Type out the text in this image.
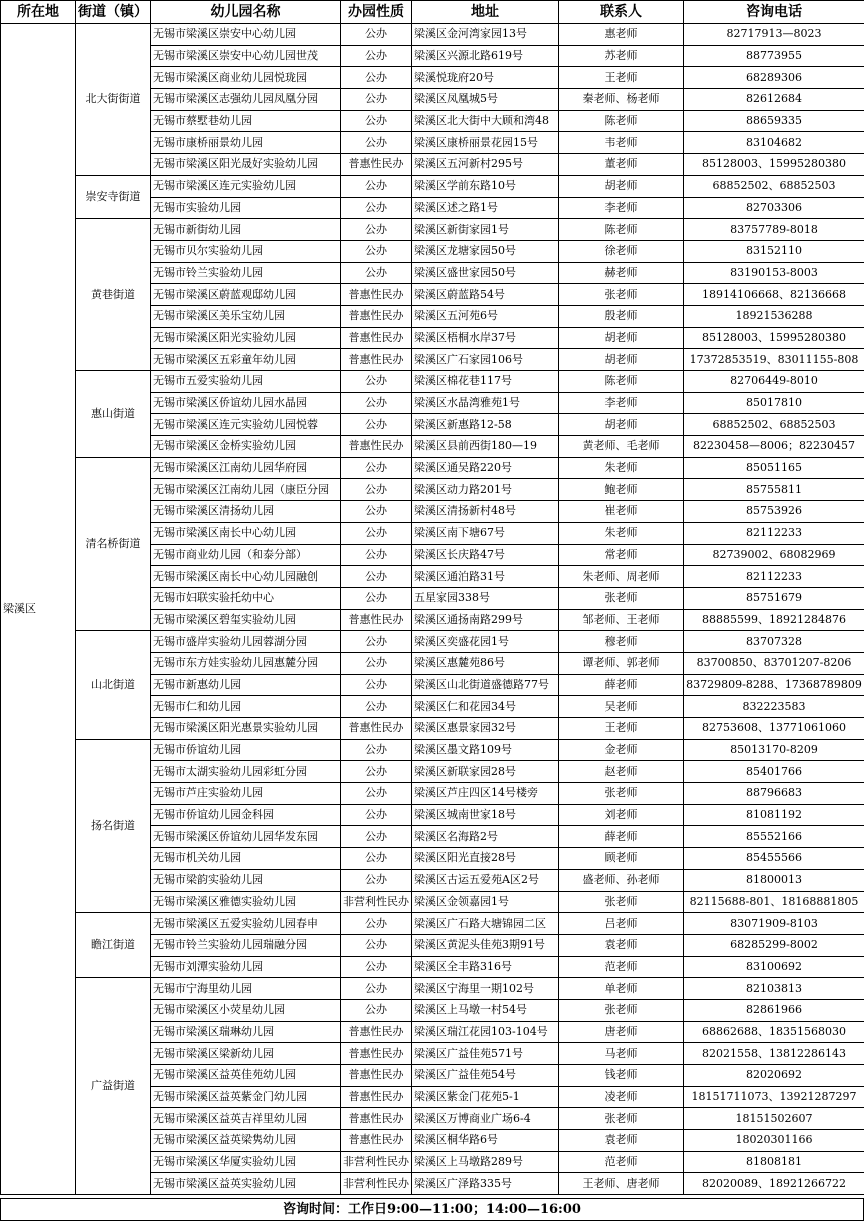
所在地	街道（镇）	幼儿园名称	办园性质	地址	联系人	咨询电话
梁溪区	北大街街道	无锡市梁溪区崇安中心幼儿园	公办	梁溪区金河湾家园13号	惠老师	82717913—8023
		无锡市梁溪区崇安中心幼儿园世茂	公办	梁溪区兴源北路619号	苏老师	88773955
		无锡市梁溪区商业幼儿园悦珑园	公办	梁溪悦珑府20号	王老师	68289306
		无锡市梁溪区志强幼儿园凤凰分园	公办	梁溪区凤凰城5号	秦老师、杨老师	82612684
		无锡市蔡墅巷幼儿园	公办	梁溪区北大街中大顾和湾48	陈老师	88659335
		无锡市康桥丽景幼儿园	公办	梁溪区康桥丽景花园15号	韦老师	83104682
		无锡市梁溪区阳光晟好实验幼儿园	普惠性民办	梁溪区五河新村295号	董老师	85128003、15995280380
	崇安寺街道	无锡市梁溪区连元实验幼儿园	公办	梁溪区学前东路10号	胡老师	68852502、68852503
		无锡市实验幼儿园	公办	梁溪区述之路1号	李老师	82703306
	黄巷街道	无锡市新街幼儿园	公办	梁溪区新街家园1号	陈老师	83757789-8018
		无锡市贝尔实验幼儿园	公办	梁溪区龙塘家园50号	徐老师	83152110
		无锡市铃兰实验幼儿园	公办	梁溪区盛世家园50号	赫老师	83190153-8003
		无锡市梁溪区蔚蓝观邸幼儿园	普惠性民办	梁溪区蔚蓝路54号	张老师	18914106668、82136668
		无锡市梁溪区美乐宝幼儿园	普惠性民办	梁溪区五河苑6号	殷老师	18921536288
		无锡市梁溪区阳光实验幼儿园	普惠性民办	梁溪区梧桐水岸37号	胡老师	85128003、15995280380
		无锡市梁溪区五彩童年幼儿园	普惠性民办	梁溪区广石家园106号	胡老师	17372853519、83011155-808
	惠山街道	无锡市五爱实验幼儿园	公办	梁溪区棉花巷117号	陈老师	82706449-8010
		无锡市梁溪区侨谊幼儿园水晶园	公办	梁溪区水晶湾雅苑1号	李老师	85017810
		无锡市梁溪区连元实验幼儿园悦蓉	公办	梁溪区新惠路12-58	胡老师	68852502、68852503
		无锡市梁溪区金桥实验幼儿园	普惠性民办	梁溪区县前西街180—19	黄老师、毛老师	82230458—8006；82230457
	清名桥街道	无锡市梁溪区江南幼儿园华府园	公办	梁溪区通吴路220号	朱老师	85051165
		无锡市梁溪区江南幼儿园（康臣分园	公办	梁溪区动力路201号	鲍老师	85755811
		无锡市梁溪区清扬幼儿园	公办	梁溪区清扬新村48号	崔老师	85753926
		无锡市梁溪区南长中心幼儿园	公办	梁溪区南下塘67号	朱老师	82112233
		无锡市商业幼儿园（和泰分部）	公办	梁溪区长庆路47号	常老师	82739002、68082969
		无锡市梁溪区南长中心幼儿园融创	公办	梁溪区通泊路31号	朱老师、周老师	82112233
		无锡市妇联实验托幼中心	公办	五星家园338号	张老师	85751679
		无锡市梁溪区碧玺实验幼儿园	普惠性民办	梁溪区通扬南路299号	邹老师、王老师	88885599、18921284876
	山北街道	无锡市盛岸实验幼儿园蓉湖分园	公办	梁溪区奕盛花园1号	穆老师	83707328
		无锡市东方娃实验幼儿园惠麓分园	公办	梁溪区惠麓苑86号	谭老师、郭老师	83700850、83701207-8206
		无锡市新惠幼儿园	公办	梁溪区山北街道盛德路77号	薛老师	83729809-8288、17368789809
		无锡市仁和幼儿园	公办	梁溪区仁和花园34号	吴老师	832223583
		无锡市梁溪区阳光惠景实验幼儿园	普惠性民办	梁溪区惠景家园32号	王老师	82753608、13771061060
	扬名街道	无锡市侨谊幼儿园	公办	梁溪区墨文路109号	金老师	85013170-8209
		无锡市太湖实验幼儿园彩虹分园	公办	梁溪区新联家园28号	赵老师	85401766
		无锡市芦庄实验幼儿园	公办	梁溪区芦庄四区14号楼旁	张老师	88796683
		无锡市侨谊幼儿园金科园	公办	梁溪区城南世家18号	刘老师	81081192
		无锡市梁溪区侨谊幼儿园华发东园	公办	梁溪区名海路2号	薛老师	85552166
		无锡市机关幼儿园	公办	梁溪区阳光直接28号	顾老师	85455566
		无锡市梁韵实验幼儿园	公办	梁溪区古运五爱苑A区2号	盛老师、孙老师	81800013
		无锡市梁溪区雅德实验幼儿园	非营利性民办	梁溪区金领嘉园1号	张老师	82115688-801、18168881805
	瞻江街道	无锡市梁溪区五爱实验幼儿园春申	公办	梁溪区广石路大塘锦园二区	吕老师	83071909-8103
		无锡市铃兰实验幼儿园瑞融分园	公办	梁溪区黄泥头佳苑3期91号	袁老师	68285299-8002
		无锡市刘潭实验幼儿园	公办	梁溪区全丰路316号	范老师	83100692
	广益街道	无锡市宁海里幼儿园	公办	梁溪区宁海里一期102号	单老师	82103813
		无锡市梁溪区小荧星幼儿园	公办	梁溪区上马墩一村54号	张老师	82861966
		无锡市梁溪区瑞琳幼儿园	普惠性民办	梁溪区瑞江花园103-104号	唐老师	68862688、18351568030
		无锡市梁溪区梁新幼儿园	普惠性民办	梁溪区广益佳苑571号	马老师	82021558、13812286143
		无锡市梁溪区益英佳苑幼儿园	普惠性民办	梁溪区广益佳苑54号	钱老师	82020692
		无锡市梁溪区益英紫金门幼儿园	普惠性民办	梁溪区紫金门花苑5-1	凌老师	18151711073、13921287297
		无锡市梁溪区益英吉祥里幼儿园	普惠性民办	梁溪区万博商业广场6-4	张老师	18151502607
		无锡市梁溪区益英梁隽幼儿园	普惠性民办	梁溪区桐华路6号	袁老师	18020301166
		无锡市梁溪区华厦实验幼儿园	非营利性民办	梁溪区上马墩路289号	范老师	81808181
		无锡市梁溪区益英实验幼儿园	非营利性民办	梁溪区广泽路335号	王老师、唐老师	82020089、18921266722
咨询时间：工作日9:00—11:00；14:00—16:00
